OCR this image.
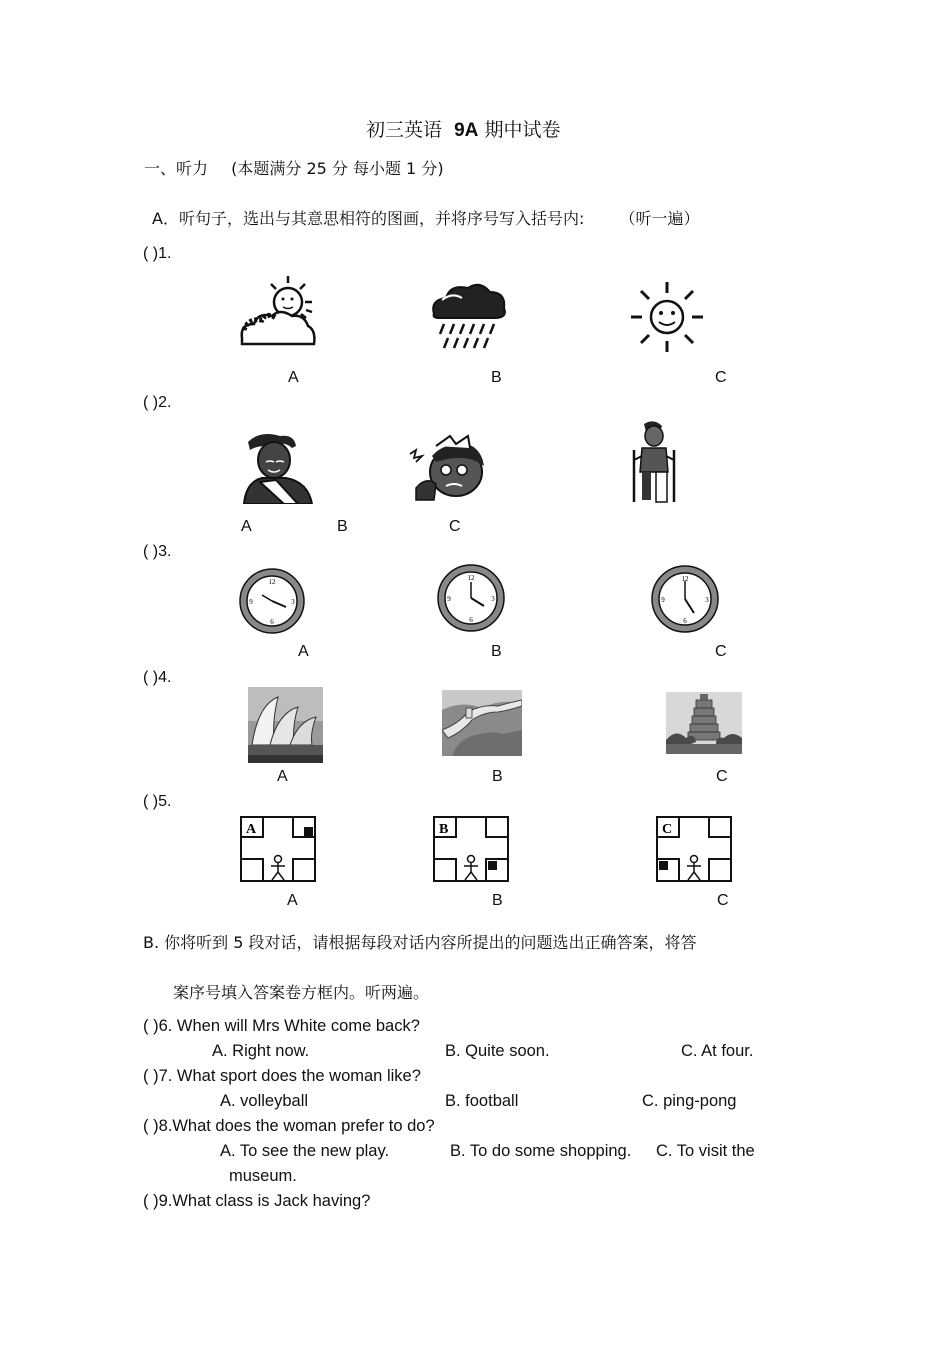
初三英语 9A 期中试卷
一、听力 (本题满分 25 分 每小题 1 分)
A．听句子，选出与其意思相符的图画，并将序号写入括号内: （听一遍）
( )1.
A	B	C
( )2.
A	B	C
( )3.
12
3
6
9
12
3
6
9
12
3
6
9
A	B	C
( )4.
A	B	C
( )5.
A	B	C
A	B	C
B. 你将听到 5 段对话，请根据每段对话内容所提出的问题选出正确答案，将答
案序号填入答案卷方框内。听两遍。
( )6. When will Mrs White come back?
A. Right now.	B. Quite soon.	C. At four.
( )7. What sport does the woman like?
A. volleyball	B. football	C. ping-pong
( )8.What does the woman prefer to do?
A. To see the new play.	B. To do some shopping. C. To visit the
museum.
( )9.What class is Jack having?
